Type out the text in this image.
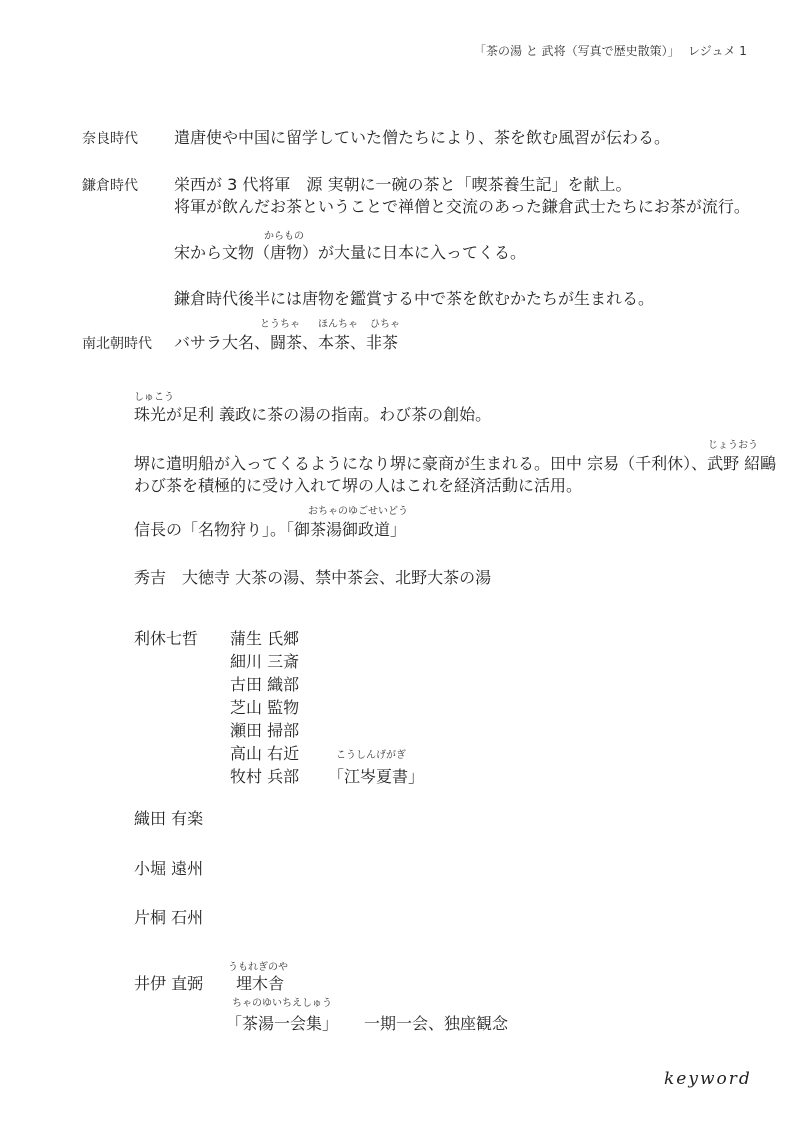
「茶の湯 と 武将（写真で歴史散策）」 レジュメ 1
奈良時代 遣唐使や中国に留学していた僧たちにより、茶を飲む風習が伝わる。
鎌倉時代 栄西が 3 代将軍　源 実朝に一碗の茶と「喫茶養生記」を献上。
将軍が飲んだお茶ということで禅僧と交流のあった鎌倉武士たちにお茶が流行。
からもの
宋から文物（唐物）が大量に日本に入ってくる。
鎌倉時代後半には唐物を鑑賞する中で茶を飲むかたちが生まれる。
とうちゃ ほんちゃ ひちゃ
南北朝時代 バサラ大名、闘茶、本茶、非茶
しゅこう
珠光が足利 義政に茶の湯の指南。わび茶の創始。
じょうおう
堺に遣明船が入ってくるようになり堺に豪商が生まれる。田中 宗易（千利休）、武野 紹鷗
わび茶を積極的に受け入れて堺の人はこれを経済活動に活用。
おちゃのゆごせいどう
信長の「名物狩り」。「御茶湯御政道」
秀吉　大徳寺 大茶の湯、禁中茶会、北野大茶の湯
利休七哲 蒲生 氏郷
細川 三斎
古田 織部
芝山 監物
瀬田 掃部
高山 右近	こうしんげがぎ
牧村 兵部 「江岑夏書」
織田 有楽
小堀 遠州
片桐 石州
うもれぎのや
井伊 直弼 埋木舎
ちゃのゆいちえしゅう
「茶湯一会集」 一期一会、独座観念
keyword
